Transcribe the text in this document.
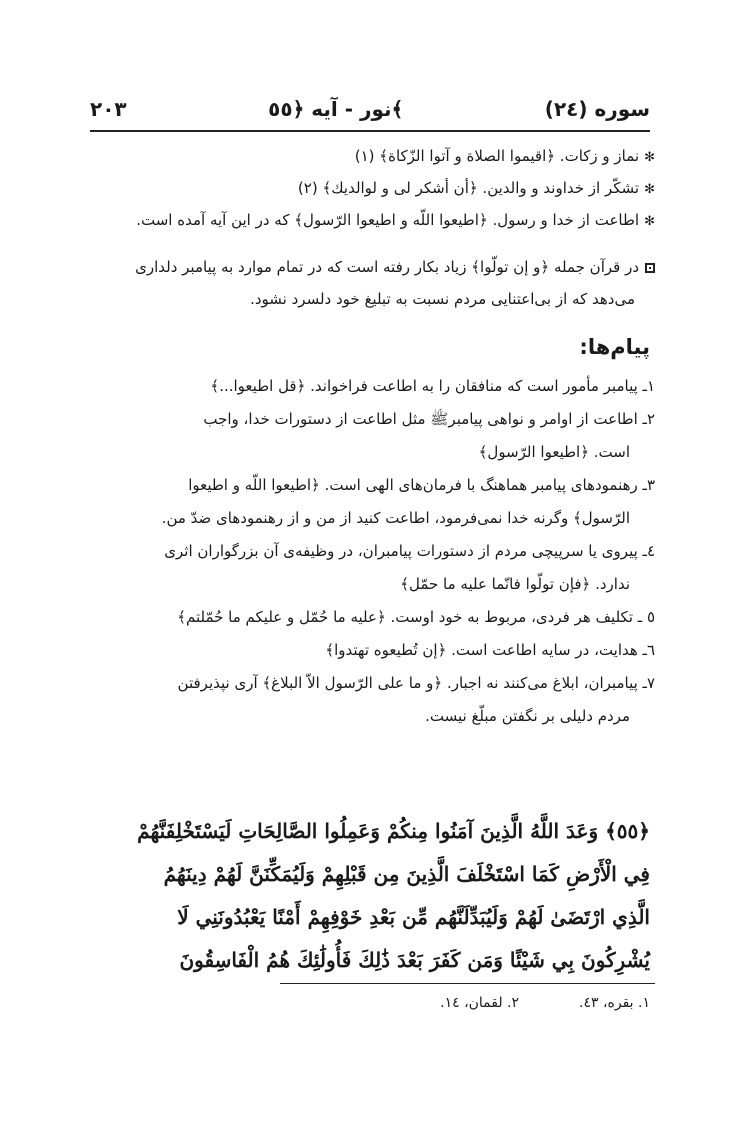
۲۰۳	نور - آیه ﴿٥٥﴾	سوره (٢٤)
✻نماز و زکات. ﴿اقیموا الصلاة و آتوا الزّکاة﴾ (۱)
✻تشکّر از خداوند و والدین. ﴿أن أشکر لی و لوالدیك﴾ (۲)
✻اطاعت از خدا و رسول. ﴿اطیعوا اللّه و اطیعوا الرّسول﴾ که در این آیه آمده است.
در قرآن جمله ﴿و إن تولّوا﴾ زیاد بکار رفته است که در تمام موارد به پیامبر دلداری
می‌دهد که از بی‌اعتنایی مردم نسبت به تبلیغ خود دلسرد نشود.
پیام‌ها:
١ـ پیامبر مأمور است که منافقان را به اطاعت فراخواند. ﴿قل اطیعوا...﴾
٢ـ اطاعت از اوامر و نواهی پیامبرﷺ مثل اطاعت از دستورات خدا، واجب
است. ﴿اطیعوا الرّسول﴾
٣ـ رهنمودهای پیامبر هماهنگ با فرمان‌های الهی است. ﴿اطیعوا اللّه و اطیعوا
الرّسول﴾ وگرنه خدا نمی‌فرمود، اطاعت کنید از من و از رهنمودهای ضدّ من.
٤ـ پیروی یا سرپیچی مردم از دستورات پیامبران، در وظیفه‌ی آن بزرگواران اثری
ندارد. ﴿فإن تولّوا فانّما علیه ما حمّل﴾
٥ ـ تکلیف هر فردی، مربوط به خود اوست. ﴿علیه ما حُمّل و علیکم ما حُمّلتم﴾
٦ـ هدایت، در سایه اطاعت است. ﴿إن تُطیعوه تهتدوا﴾
٧ـ پیامبران، ابلاغ می‌کنند نه اجبار. ﴿و ما علی الرّسول الاّ البلاغ﴾ آری نپذیرفتن
مردم دلیلی بر نگفتن مبلّغ نیست.
﴿٥٥﴾ وَعَدَ اللَّهُ الَّذِينَ آمَنُوا مِنكُمْ وَعَمِلُوا الصَّالِحَاتِ لَيَسْتَخْلِفَنَّهُمْ
فِي الْأَرْضِ كَمَا اسْتَخْلَفَ الَّذِينَ مِن قَبْلِهِمْ وَلَيُمَكِّنَنَّ لَهُمْ دِينَهُمُ
الَّذِي ارْتَضَىٰ لَهُمْ وَلَيُبَدِّلَنَّهُم مِّن بَعْدِ خَوْفِهِمْ أَمْنًا يَعْبُدُونَنِي لَا
يُشْرِكُونَ بِي شَيْئًا وَمَن كَفَرَ بَعْدَ ذَٰلِكَ فَأُولَٰئِكَ هُمُ الْفَاسِقُونَ
١. بقره، ٤٣.
٢. لقمان، ١٤.
